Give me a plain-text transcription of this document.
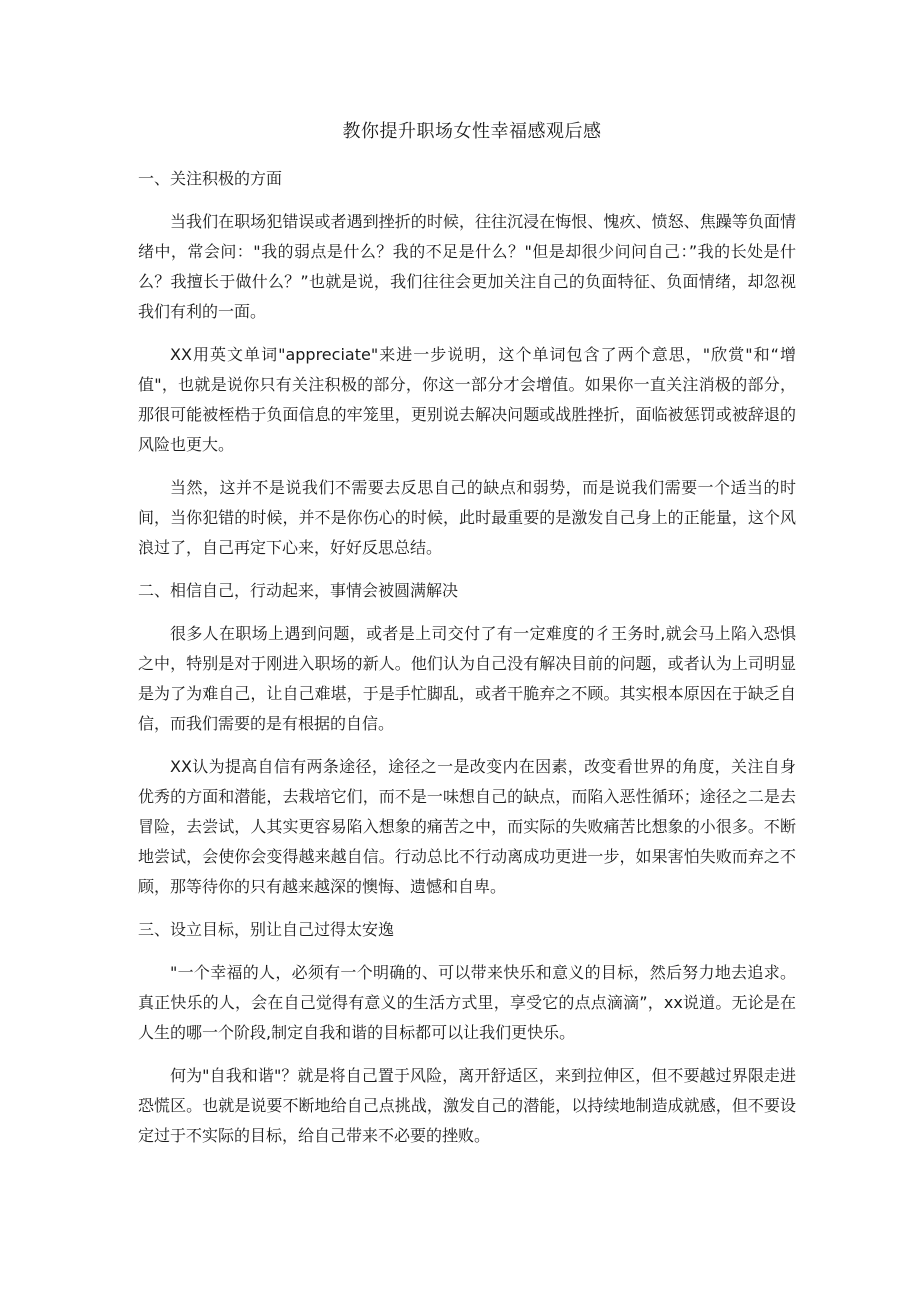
教你提升职场女性幸福感观后感
一、关注积极的方面

当我们在职场犯错误或者遇到挫折的时候，往往沉浸在悔恨、愧疚、愤怒、焦躁等负面情绪中，常会问："我的弱点是什么？我的不足是什么？"但是却很少问问自己：”我的长处是什么？我擅长于做什么？”也就是说，我们往往会更加关注自己的负面特征、负面情绪，却忽视我们有利的一面。

XX用英文单词"appreciate"来进一步说明，这个单词包含了两个意思，"欣赏"和“增值"，也就是说你只有关注积极的部分，你这一部分才会增值。如果你一直关注消极的部分，那很可能被桎梏于负面信息的牢笼里，更别说去解决问题或战胜挫折，面临被惩罚或被辞退的风险也更大。

当然，这并不是说我们不需要去反思自己的缺点和弱势，而是说我们需要一个适当的时间，当你犯错的时候，并不是你伤心的时候，此时最重要的是激发自己身上的正能量，这个风浪过了，自己再定下心来，好好反思总结。

二、相信自己，行动起来，事情会被圆满解决

很多人在职场上遇到问题，或者是上司交付了有一定难度的彳王务时,就会马上陷入恐惧之中，特别是对于刚进入职场的新人。他们认为自己没有解决目前的问题，或者认为上司明显是为了为难自己，让自己难堪，于是手忙脚乱，或者干脆弃之不顾。其实根本原因在于缺乏自信，而我们需要的是有根据的自信。

XX认为提高自信有两条途径，途径之一是改变内在因素，改变看世界的角度，关注自身优秀的方面和潜能，去栽培它们，而不是一味想自己的缺点，而陷入恶性循环；途径之二是去冒险，去尝试，人其实更容易陷入想象的痛苦之中，而实际的失败痛苦比想象的小很多。不断地尝试，会使你会变得越来越自信。行动总比不行动离成功更进一步，如果害怕失败而弃之不顾，那等待你的只有越来越深的懊悔、遗憾和自卑。

三、设立目标，别让自己过得太安逸

"一个幸福的人，必须有一个明确的、可以带来快乐和意义的目标，然后努力地去追求。真正快乐的人，会在自己觉得有意义的生活方式里，享受它的点点滴滴”，xx说道。无论是在人生的哪一个阶段,制定自我和谐的目标都可以让我们更快乐。

何为"自我和谐"？就是将自己置于风险，离开舒适区，来到拉伸区，但不要越过界限走进恐慌区。也就是说要不断地给自己点挑战，激发自己的潜能，以持续地制造成就感，但不要设定过于不实际的目标，给自己带来不必要的挫败。
